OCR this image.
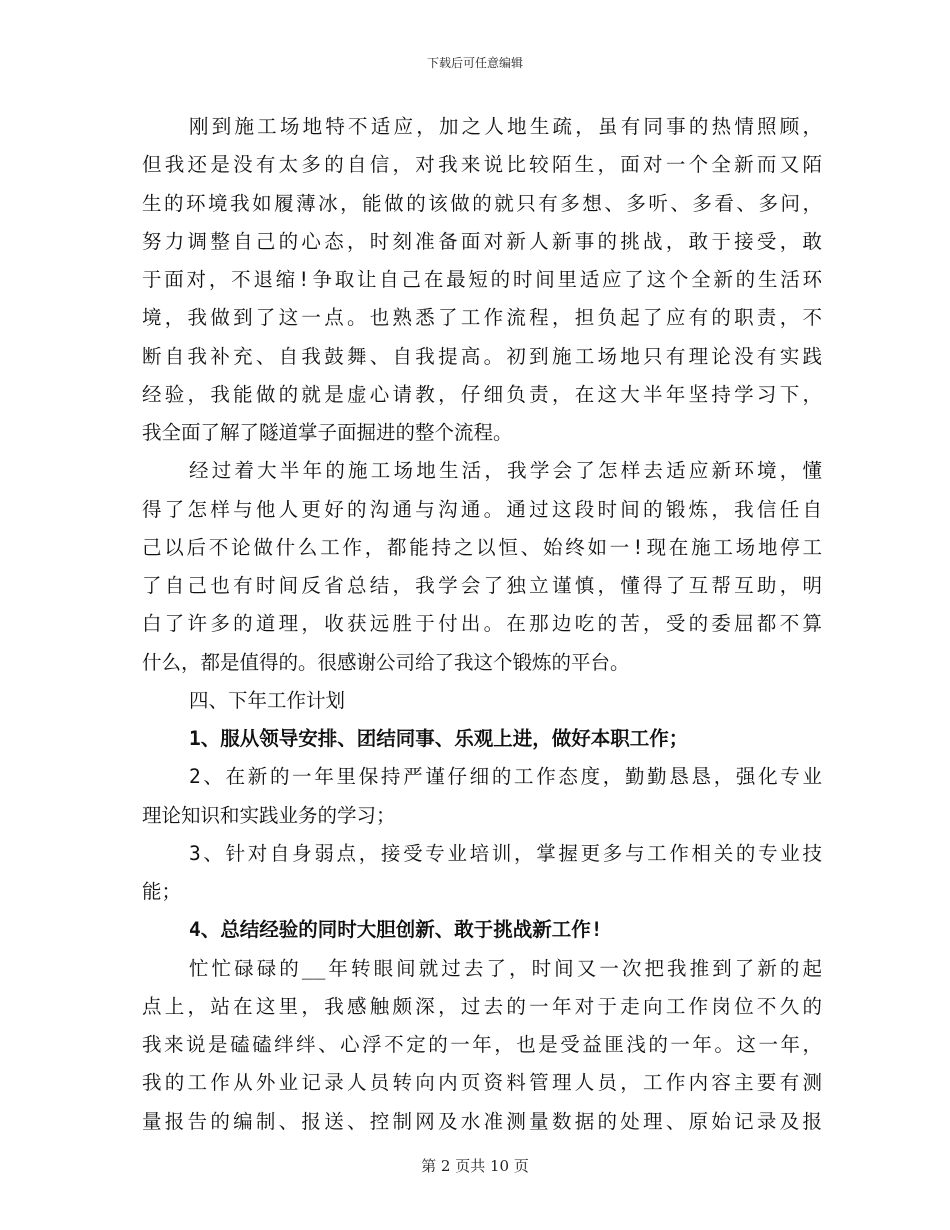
下载后可任意编辑
刚到施工场地特不适应，加之人地生疏，虽有同事的热情照顾，
但我还是没有太多的自信，对我来说比较陌生，面对一个全新而又陌
生的环境我如履薄冰，能做的该做的就只有多想、多听、多看、多问，
努力调整自己的心态，时刻准备面对新人新事的挑战，敢于接受，敢
于面对，不退缩!争取让自己在最短的时间里适应了这个全新的生活环
境，我做到了这一点。也熟悉了工作流程，担负起了应有的职责，不
断自我补充、自我鼓舞、自我提高。初到施工场地只有理论没有实践
经验，我能做的就是虚心请教，仔细负责，在这大半年坚持学习下，
我全面了解了隧道掌子面掘进的整个流程。
经过着大半年的施工场地生活，我学会了怎样去适应新环境，懂
得了怎样与他人更好的沟通与沟通。通过这段时间的锻炼，我信任自
己以后不论做什么工作，都能持之以恒、始终如一!现在施工场地停工
了自己也有时间反省总结，我学会了独立谨慎，懂得了互帮互助，明
白了许多的道理，收获远胜于付出。在那边吃的苦，受的委屈都不算
什么，都是值得的。很感谢公司给了我这个锻炼的平台。
四、下年工作计划
1、服从领导安排、团结同事、乐观上进，做好本职工作；
2、在新的一年里保持严谨仔细的工作态度，勤勤恳恳，强化专业
理论知识和实践业务的学习；
3、针对自身弱点，接受专业培训，掌握更多与工作相关的专业技
能；
4、总结经验的同时大胆创新、敢于挑战新工作!
忙忙碌碌的__年转眼间就过去了，时间又一次把我推到了新的起
点上，站在这里，我感触颇深，过去的一年对于走向工作岗位不久的
我来说是磕磕绊绊、心浮不定的一年，也是受益匪浅的一年。这一年，
我的工作从外业记录人员转向内页资料管理人员，工作内容主要有测
量报告的编制、报送、控制网及水准测量数据的处理、原始记录及报
第 2 页共 10 页
